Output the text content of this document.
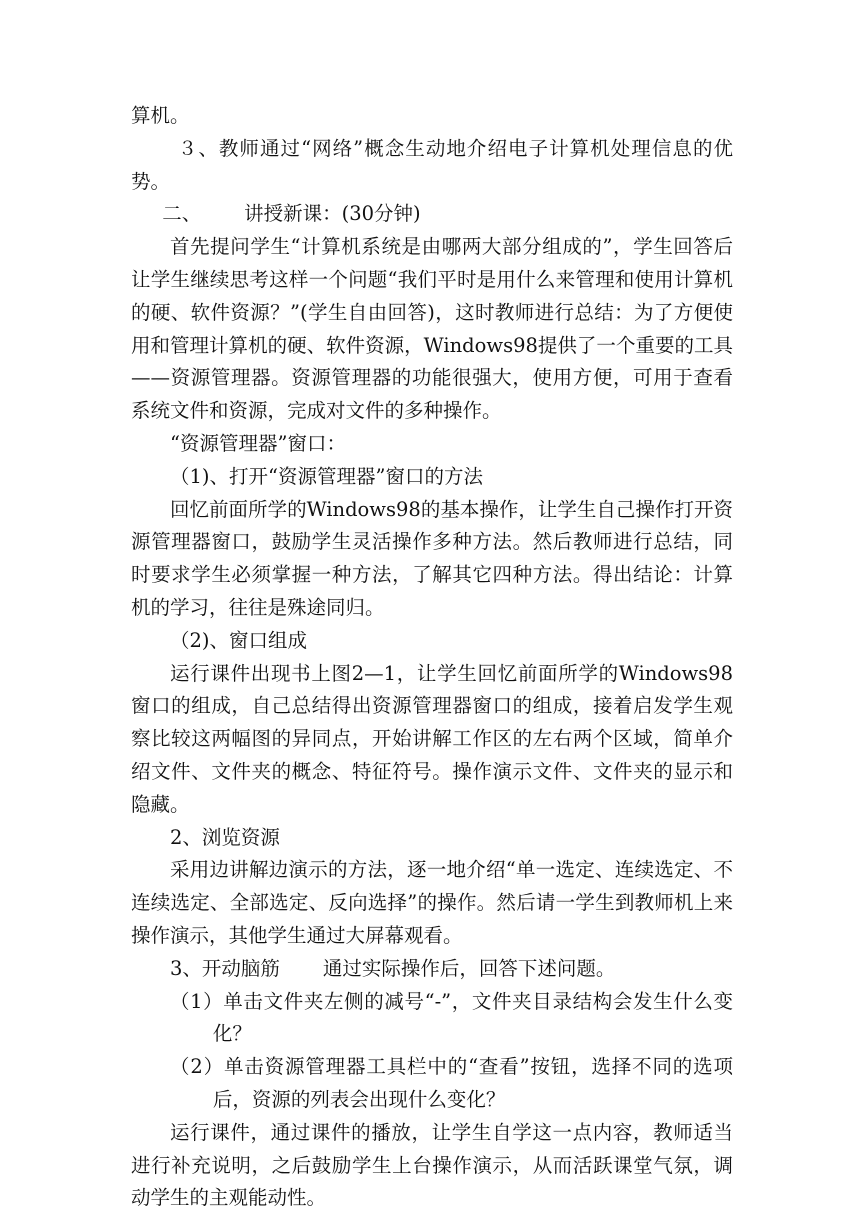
算机。

３、教师通过“网络”概念生动地介绍电子计算机处理信息的优势。

二、 讲授新课：(30分钟)

首先提问学生“计算机系统是由哪两大部分组成的”，学生回答后让学生继续思考这样一个问题“我们平时是用什么来管理和使用计算机的硬、软件资源？”(学生自由回答)，这时教师进行总结：为了方便使用和管理计算机的硬、软件资源，Windows98提供了一个重要的工具——资源管理器。资源管理器的功能很强大，使用方便，可用于查看系统文件和资源，完成对文件的多种操作。

“资源管理器”窗口：

（1)、打开“资源管理器”窗口的方法

回忆前面所学的Windows98的基本操作，让学生自己操作打开资源管理器窗口，鼓励学生灵活操作多种方法。然后教师进行总结，同时要求学生必须掌握一种方法，了解其它四种方法。得出结论：计算机的学习，往往是殊途同归。

（2)、窗口组成

运行课件出现书上图2—1，让学生回忆前面所学的Windows98窗口的组成，自己总结得出资源管理器窗口的组成，接着启发学生观察比较这两幅图的异同点，开始讲解工作区的左右两个区域，简单介绍文件、文件夹的概念、特征符号。操作演示文件、文件夹的显示和隐藏。

2、浏览资源

采用边讲解边演示的方法，逐一地介绍“单一选定、连续选定、不连续选定、全部选定、反向选择”的操作。然后请一学生到教师机上来操作演示，其他学生通过大屏幕观看。

3、开动脑筋 通过实际操作后，回答下述问题。

（1）单击文件夹左侧的减号“-”，文件夹目录结构会发生什么变化？

（2）单击资源管理器工具栏中的“查看”按钮，选择不同的选项后，资源的列表会出现什么变化？

运行课件，通过课件的播放，让学生自学这一点内容，教师适当进行补充说明，之后鼓励学生上台操作演示，从而活跃课堂气氛，调动学生的主观能动性。
